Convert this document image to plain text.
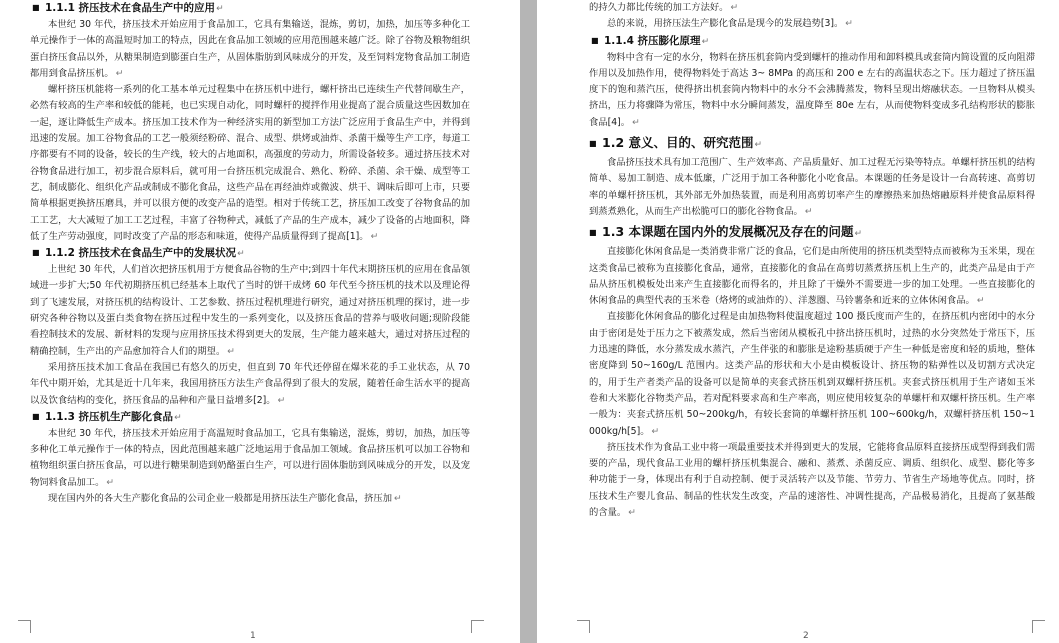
■ 1.1.1 挤压技术在食品生产中的应用↵

本世纪 30 年代，挤压技术开始应用于食品加工，它具有集输送，混炼，剪切，加热，加压等多种化工单元操作于一体的高温短时加工的特点，因此在食品加工领域的应用范围越来越广泛。除了谷物及粮物组织蛋白挤压食品以外，从糖果制造到膨蛋白生产，从固体脂肪到风味成分的开发，及至饲料宠物食品加工制造都用到食品挤压机。 ↵

螺杆挤压机能将一系列的化工基本单元过程集中在挤压机中进行，螺杆挤出已连续生产代替间歇生产，必然有较高的生产率和较低的能耗，也已实现自动化，同时螺杆的搅拌作用业提高了混合质量这些因数加在一起，逐让降低生产成本。挤压加工技术作为一种经济实用的新型加工方法广泛应用于食品生产中，并得到迅速的发展。加工谷物食品的工艺一般须经粉碎、混合、成型、烘烤或油炸、杀菌干燥等生产工序，每道工序都要有不同的设备，较长的生产线，较大的占地面积，高强度的劳动力，所需设备较多。通过挤压技术对谷物食品进行加工，初步混合原料后，就可用一台挤压机完成混合、熟化、粉碎、杀菌、余干燥、成型等工艺，制成膨化、组织化产品或制成不膨化食品，这些产品在再经油炸或微波、烘干、调味后即可上市，只要简单根据更换挤压磨具，并可以很方便的改变产品的造型。相对于传统工艺，挤压加工改变了谷物食品的加工工艺，大大减短了加工工艺过程，丰富了谷物种式，减低了产品的生产成本，减少了设备的占地面积，降低了生产劳动强度，同时改变了产品的形态和味道，使得产品质量得到了提高[1]。 ↵

■ 1.1.2 挤压技术在食品生产中的发展状况↵

上世纪 30 年代，人们首次把挤压机用于方便食品谷物的生产中;到四十年代末期挤压机的应用在食品领域进一步扩大;50 年代初期挤压机已经基本上取代了当时的饼干成烤 60 年代至今挤压机的技术以及理论得到了飞速发展，对挤压机的结构设计、工艺参数、挤压过程机理进行研究，通过对挤压机理的探讨，进一步研究各种谷物以及蛋白类食物在挤压过程中发生的一系列变化，以及挤压食品的营养与吸收问题;现阶段能看控制技术的发展、新材料的发现与应用挤压技术得到更大的发展，生产能力越来越大，通过对挤压过程的精确控制，生产出的产品愈加符合人们的期望。 ↵

采用挤压技术加工食品在我国已有悠久的历史，但直到 70 年代还停留在爆米花的手工业状态，从 70 年代中期开始，尤其是近十几年来，我国用挤压方法生产食品得到了很大的发展，随着任命生活水平的提高以及饮食结构的变化，挤压食品的品种和产量日益增多[2]。 ↵

■ 1.1.3 挤压机生产膨化食品↵

本世纪 30 年代，挤压技术开始应用于高温短时食品加工，它具有集输送，混炼，剪切，加热，加压等多种化工单元操作于一体的特点，因此范围越来越广泛地运用于食品加工领域。食品挤压机可以加工谷物和植物组织蛋白挤压食品，可以进行糖果制造到奶酪蛋白生产，可以进行固体脂肪到风味成分的开发，以及宠物饲料食品加工。 ↵

现在国内外的各大生产膨化食品的公司企业一般都是用挤压法生产膨化食品，挤压加 ↵

1

的持久力都比传统的加工方法好。 ↵

总的来说，用挤压法生产膨化食品是现今的发展趋势[3]。 ↵

■ 1.1.4 挤压膨化原理↵

物料中含有一定的水分，物料在挤压机套筒内受到螺杆的推动作用和卸料模具或套筒内简设置的反向阻滞作用以及加热作用，使得物料处于高达 3~ 8MPa 的高压和 200 e 左右的高温状态之下。压力超过了挤压温度下的饱和蒸汽压，使得挤出机套筒内物料中的水分不会沸腾蒸发，物料呈现出熔融状态。一旦物料从模头挤出，压力将骤降为常压，物料中水分瞬间蒸发，温度降至 80e 左右，从而使物料变成多孔结构形状的膨胀食品[4]。 ↵

■ 1.2 意义、目的、研究范围↵

食品挤压技术具有加工范围广、生产效率高、产品质量好、加工过程无污染等特点。单螺杆挤压机的结构简单、易加工制造、成本低廉，广泛用于加工各种膨化小吃食品。本课题的任务是设计一台高转速、高剪切率的单螺杆挤压机，其外部无外加热装置，而是利用高剪切率产生的摩擦热来加热熔融原料并使食品原料得到蒸煮熟化，从而生产出松脆可口的膨化谷物食品。 ↵

■ 1.3 本课题在国内外的发展概况及存在的问题↵

直接膨化休闲食品是一类消费非常广泛的食品，它们是由所使用的挤压机类型特点而被称为玉米果，现在这类食品已被称为直接膨化食品，通常，直接膨化的食品在高剪切蒸煮挤压机上生产的，此类产品是由于产品从挤压机模板处出来产生直接膨化而得名的，并且除了干燥外不需要进一步的加工处理。一些直接膨化的休闲食品的典型代表的玉米卷（烙烤的或油炸的）、洋葱圈、马铃薯条和近来的立体休闲食品。 ↵

直接膨化休闲食品的膨化过程是由加热物料使温度超过 100 摄氏度而产生的，在挤压机内密闭中的水分由于密闭是处于压力之下被蒸发成，然后当密闭从模板孔中挤出挤压机时，过热的水分突然处于常压下，压力迅速的降低，水分蒸发成水蒸汽，产生伴张的和膨胀是途粉基质硬于产生一种低是密度和轻的质地，整体密度降到 50~160g/L 范围内。这类产品的形状和大小是由模板设计、挤压物的粘弹性以及切割方式决定的，用于生产者类产品的设备可以是简单的夹套式挤压机到双螺杆挤压机。夹套式挤压机用于生产诸如玉米卷和大米膨化谷物类产品，若对配料要求高和生产率高，则应使用较复杂的单螺杆和双螺杆挤压机。生产率一般为：夹套式挤压机 50~200kg/h，有较长套筒的单螺杆挤压机 100~600kg/h，双螺杆挤压机 150~1000kg/h[5]。 ↵

挤压技术作为食品工业中将一项最重要技术并得到更大的发展，它能将食品原料直接挤压成型得到我们需要的产品，现代食品工业用的螺杆挤压机集混合、融和、蒸煮、杀菌反应、调质、组织化、成型、膨化等多种功能于一身，体现出有利于自动控制、便于灵活转产以及节能、节劳力、节省生产场地等优点。同时，挤压技术生产婴儿食品、制品的性状发生改变，产品的速溶性、冲调性提高，产品极易消化，且提高了氨基酸的含量。 ↵

2
